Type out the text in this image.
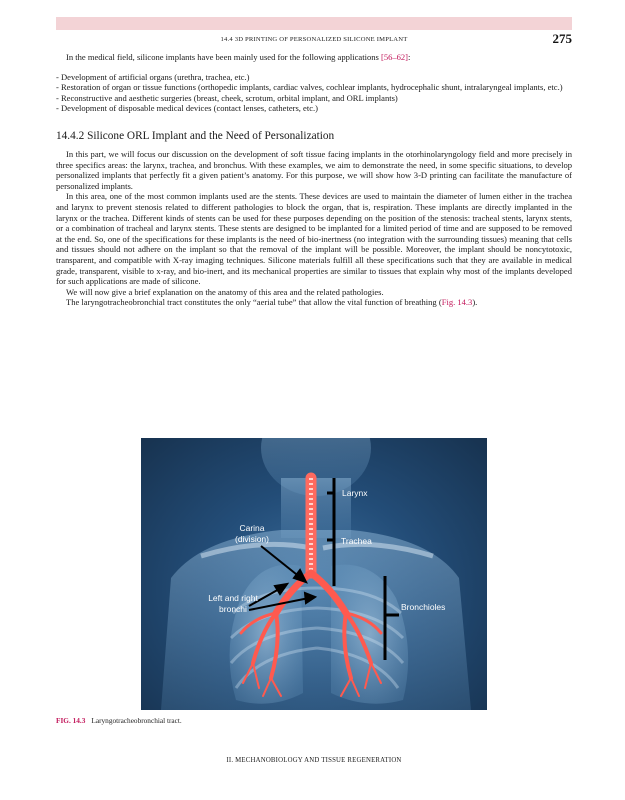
14.4 3D PRINTING OF PERSONALIZED SILICONE IMPLANT	275

In the medical field, silicone implants have been mainly used for the following applications [56–62]:

- Development of artificial organs (urethra, trachea, etc.)
- Restoration of organ or tissue functions (orthopedic implants, cardiac valves, cochlear implants, hydrocephalic shunt, intralaryngeal implants, etc.)
- Reconstructive and aesthetic surgeries (breast, cheek, scrotum, orbital implant, and ORL implants)
- Development of disposable medical devices (contact lenses, catheters, etc.)
14.4.2 Silicone ORL Implant and the Need of Personalization

In this part, we will focus our discussion on the development of soft tissue facing implants in the otorhinolaryngology field and more precisely in three specifics areas: the larynx, trachea, and bronchus. With these examples, we aim to demonstrate the need, in some specific situations, to develop personalized implants that perfectly fit a given patient’s anatomy. For this purpose, we will show how 3-D printing can facilitate the manufacture of personalized implants.

In this area, one of the most common implants used are the stents. These devices are used to maintain the diameter of lumen either in the trachea and larynx to prevent stenosis related to different pathologies to block the organ, that is, respiration. These implants are directly implanted in the larynx or the trachea. Different kinds of stents can be used for these purposes depending on the position of the stenosis: tracheal stents, larynx stents, or a combination of tracheal and larynx stents. These stents are designed to be implanted for a limited period of time and are supposed to be removed at the end. So, one of the specifications for these implants is the need of bio-inertness (no integration with the surrounding tissues) meaning that cells and tissues should not adhere on the implant so that the removal of the implant will be possible. Moreover, the implant should be noncytotoxic, transparent, and compatible with X-ray imaging techniques. Silicone materials fulfill all these specifications such that they are available in medical grade, transparent, visible to x-ray, and bio-inert, and its mechanical properties are similar to tissues that explain why most of the implants developed for such applications are made of silicone.

We will now give a brief explanation on the anatomy of this area and the related pathologies.

The laryngotracheobronchial tract constitutes the only “aerial tube” that allow the vital function of breathing (Fig. 14.3).

Larynx
Carina
(division)	Trachea
Left and right
bronchi	Bronchioles
FIG. 14.3 Laryngotracheobronchial tract.
II. MECHANOBIOLOGY AND TISSUE REGENERATION
